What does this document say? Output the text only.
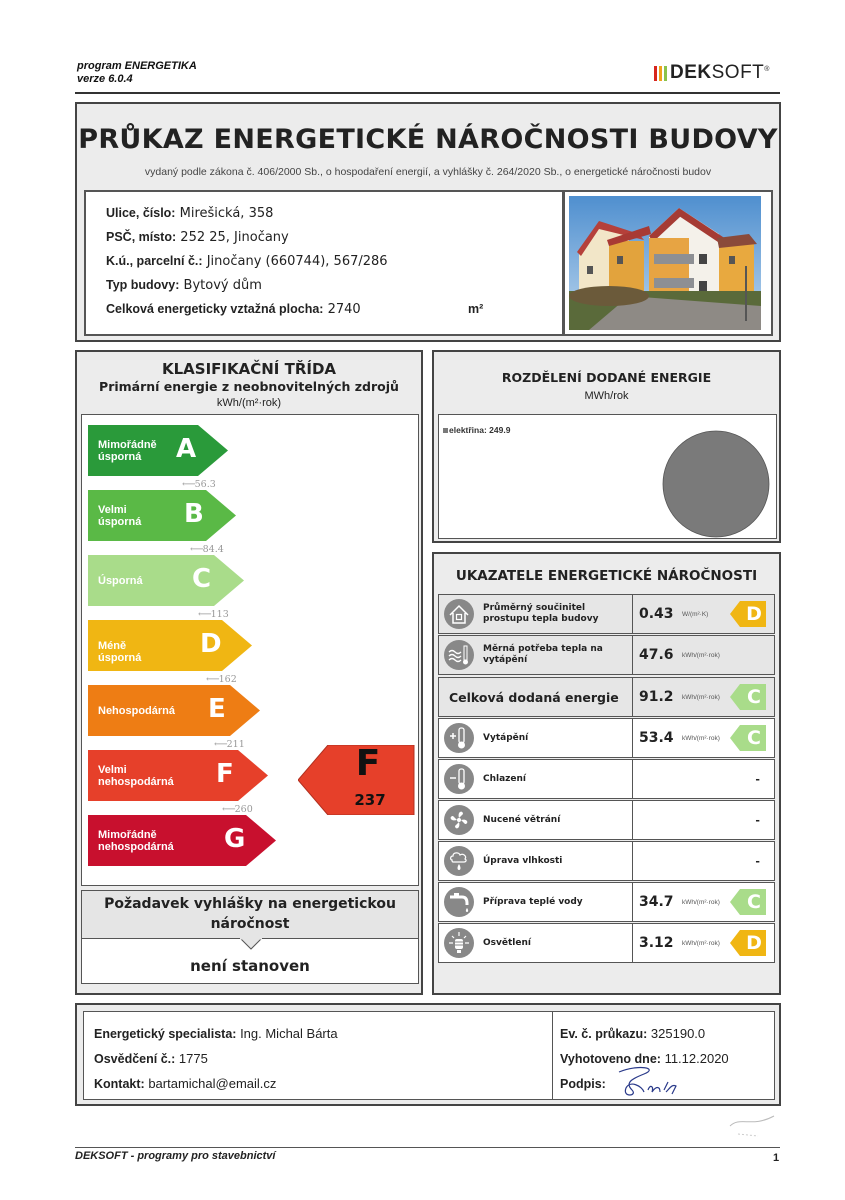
program ENERGETIKA
verze 6.0.4	DEK SOFT ®
PRŮKAZ ENERGETICKÉ NÁROČNOSTI BUDOVY
vydaný podle zákona č. 406/2000 Sb., o hospodaření energií, a vyhlášky č. 264/2020 Sb., o energetické náročnosti budov
Ulice, číslo: Mirešická, 358
PSČ, místo: 252 25, Jinočany
K.ú., parcelní č.: Jinočany (660744), 567/286
Typ budovy: Bytový dům
Celková energeticky vztažná plocha: 2740	m²
KLASIFIKAČNÍ TŘÍDA
Primární energie z neobnovitelných zdrojů
kWh/(m²·rok)
Mimořádně
úsporná	A
⟵ 56.3
Velmi
úsporná B
⟵ 84.4
Úsporná C
⟵ 113
Méně úsporná D
⟵ 162
Nehospodárná E
⟵ 211
Velmi
nehospodárná F
⟵ 260
Mimořádně
nehospodárná G
F
237
Požadavek vyhlášky na energetickou náročnost
není stanoven
ROZDĚLENÍ DODANÉ ENERGIE
MWh/rok
elektřina: 249.9
UKAZATELE ENERGETICKÉ NÁROČNOSTI
Průměrný součinitel prostupu tepla budovy	0.43 W/(m²·K) D
Měrná potřeba tepla na vytápění	47.6 kWh/(m²·rok)
Celková dodaná energie	91.2 kWh/(m²·rok) C
Vytápění	53.4 kWh/(m²·rok) C
Chlazení	-
Nucené větrání	-
Úprava vlhkosti	-
Příprava teplé vody	34.7 kWh/(m²·rok) C
Osvětlení	3.12 kWh/(m²·rok) D
Energetický specialista: Ing. Michal Bárta
Osvědčení č.: 1775
Kontakt: bartamichal@email.cz
Ev. č. průkazu: 325190.0
Vyhotoveno dne: 11.12.2020
Podpis:
DEKSOFT - programy pro stavebnictví	1
